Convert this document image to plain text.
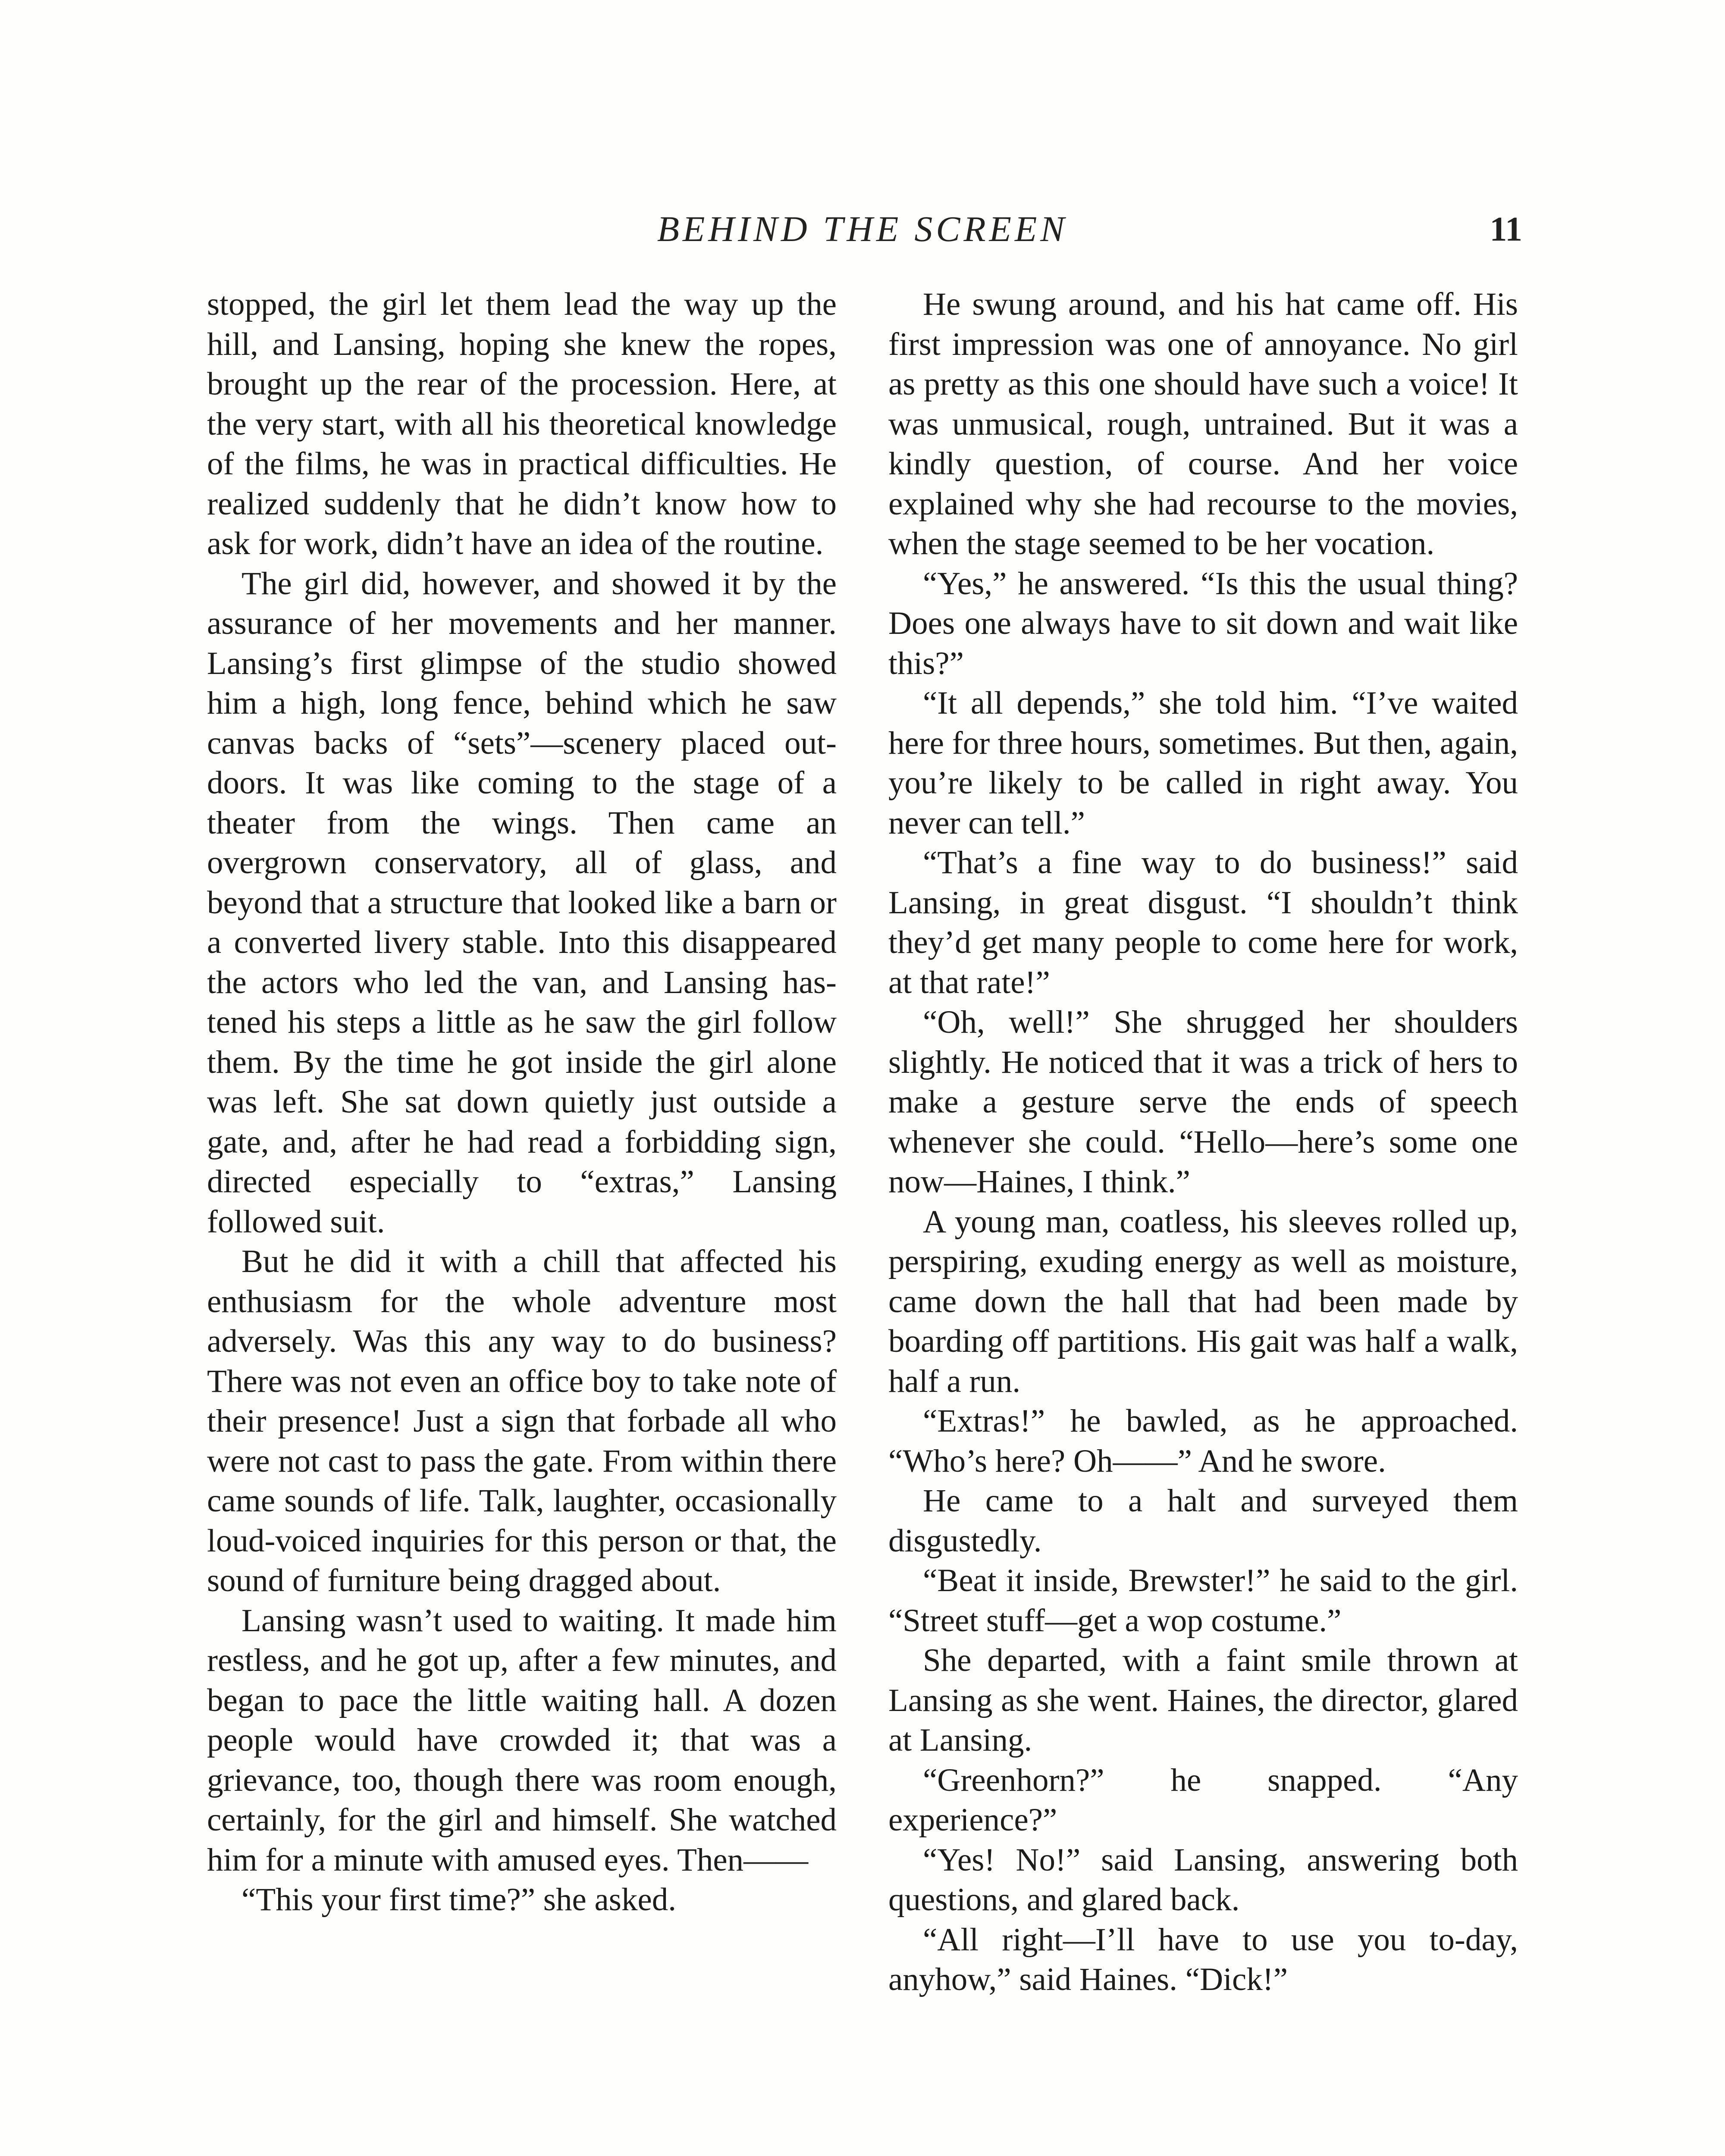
BEHIND THE SCREEN	11

stopped, the girl let them lead the way up the hill, and Lansing, hoping she knew the ropes, brought up the rear of the procession. Here, at the very start, with all his theoretical knowledge of the films, he was in practical difficulties. He realized suddenly that he didn’t know how to ask for work, didn’t have an idea of the routine.

The girl did, however, and showed it by the assurance of her movements and her manner. Lansing’s first glimpse of the studio showed him a high, long fence, behind which he saw canvas backs of “sets”—scenery placed outdoors. It was like coming to the stage of a theater from the wings. Then came an overgrown conservatory, all of glass, and beyond that a structure that looked like a barn or a converted livery stable. Into this disappeared the actors who led the van, and Lansing hastened his steps a little as he saw the girl follow them. By the time he got inside the girl alone was left. She sat down quietly just outside a gate, and, after he had read a forbidding sign, directed especially to “extras,” Lansing followed suit.

But he did it with a chill that affected his enthusiasm for the whole adventure most adversely. Was this any way to do business? There was not even an office boy to take note of their presence! Just a sign that forbade all who were not cast to pass the gate. From within there came sounds of life. Talk, laughter, occasionally loud-voiced inquiries for this person or that, the sound of furniture being dragged about.

Lansing wasn’t used to waiting. It made him restless, and he got up, after a few minutes, and began to pace the little waiting hall. A dozen people would have crowded it; that was a grievance, too, though there was room enough, certainly, for the girl and himself. She watched him for a minute with amused eyes. Then——

“This your first time?” she asked.

He swung around, and his hat came off. His first impression was one of annoyance. No girl as pretty as this one should have such a voice! It was unmusical, rough, untrained. But it was a kindly question, of course. And her voice explained why she had recourse to the movies, when the stage seemed to be her vocation.

“Yes,” he answered. “Is this the usual thing? Does one always have to sit down and wait like this?”

“It all depends,” she told him. “I’ve waited here for three hours, sometimes. But then, again, you’re likely to be called in right away. You never can tell.”

“That’s a fine way to do business!” said Lansing, in great disgust. “I shouldn’t think they’d get many people to come here for work, at that rate!”

“Oh, well!” She shrugged her shoulders slightly. He noticed that it was a trick of hers to make a gesture serve the ends of speech whenever she could. “Hello—here’s some one now—Haines, I think.”

A young man, coatless, his sleeves rolled up, perspiring, exuding energy as well as moisture, came down the hall that had been made by boarding off partitions. His gait was half a walk, half a run.

“Extras!” he bawled, as he approached. “Who’s here? Oh——” And he swore.

He came to a halt and surveyed them disgustedly.

“Beat it inside, Brewster!” he said to the girl. “Street stuff—get a wop costume.”

She departed, with a faint smile thrown at Lansing as she went. Haines, the director, glared at Lansing.

“Greenhorn?” he snapped. “Any experience?”

“Yes! No!” said Lansing, answering both questions, and glared back.

“All right—I’ll have to use you to-day, anyhow,” said Haines. “Dick!”
